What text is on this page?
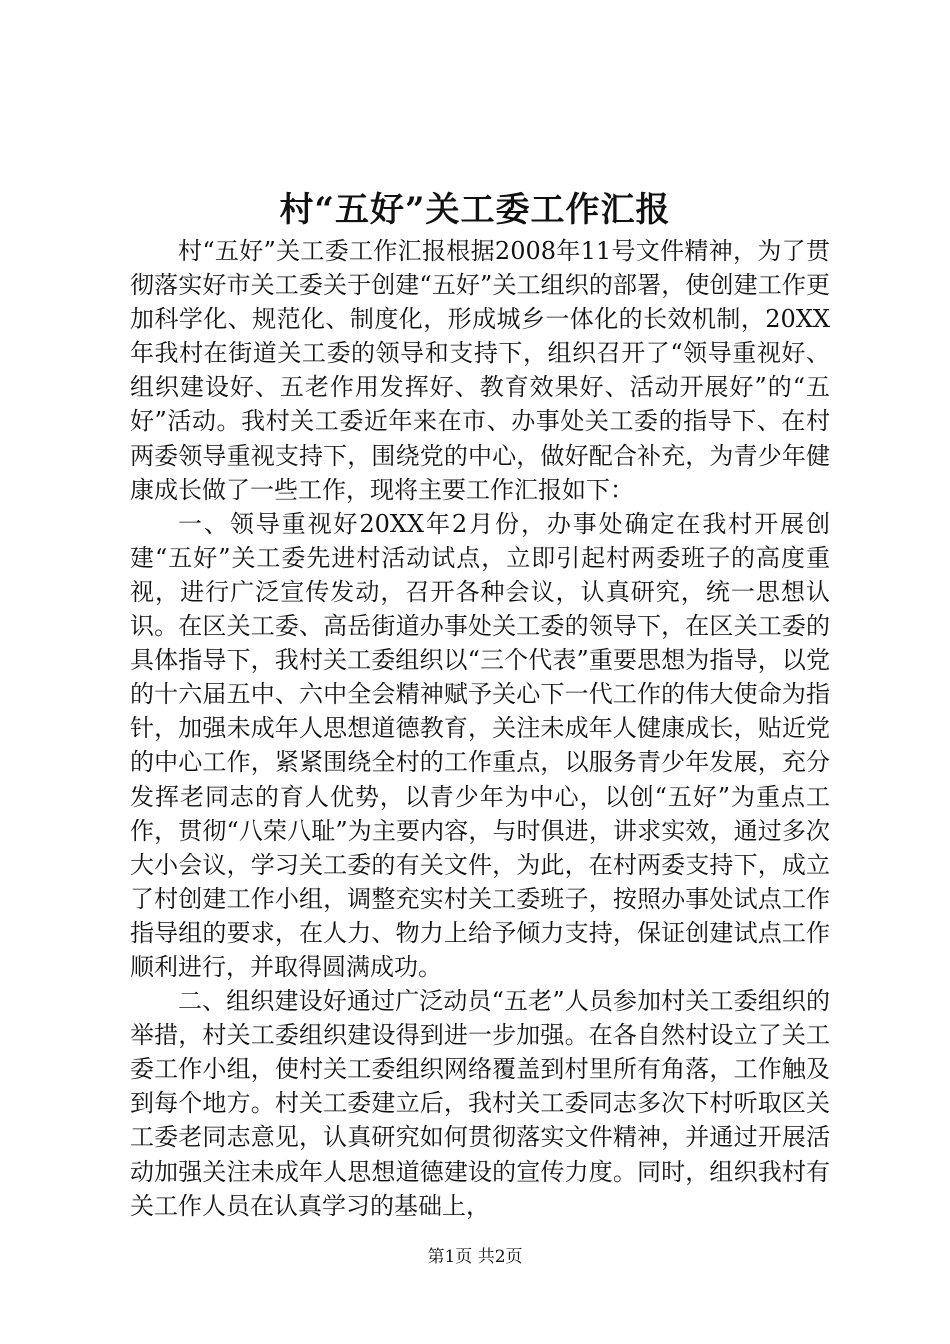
村“五好”关工委工作汇报

村“五好”关工委工作汇报根据2008年11号文件精神，为了贯彻落实好市关工委关于创建“五好”关工组织的部署，使创建工作更加科学化、规范化、制度化，形成城乡一体化的长效机制，20XX年我村在街道关工委的领导和支持下，组织召开了“领导重视好、组织建设好、五老作用发挥好、教育效果好、活动开展好”的“五好”活动。我村关工委近年来在市、办事处关工委的指导下、在村两委领导重视支持下，围绕党的中心，做好配合补充，为青少年健康成长做了一些工作，现将主要工作汇报如下：

一、领导重视好20XX年2月份，办事处确定在我村开展创建“五好”关工委先进村活动试点，立即引起村两委班子的高度重视，进行广泛宣传发动，召开各种会议，认真研究，统一思想认识。在区关工委、高岳街道办事处关工委的领导下，在区关工委的具体指导下，我村关工委组织以“三个代表”重要思想为指导，以党的十六届五中、六中全会精神赋予关心下一代工作的伟大使命为指针，加强未成年人思想道德教育，关注未成年人健康成长，贴近党的中心工作，紧紧围绕全村的工作重点，以服务青少年发展，充分发挥老同志的育人优势，以青少年为中心，以创“五好”为重点工作，贯彻“八荣八耻”为主要内容，与时俱进，讲求实效，通过多次大小会议，学习关工委的有关文件，为此，在村两委支持下，成立了村创建工作小组，调整充实村关工委班子，按照办事处试点工作指导组的要求，在人力、物力上给予倾力支持，保证创建试点工作顺利进行，并取得圆满成功。

二、组织建设好通过广泛动员“五老”人员参加村关工委组织的举措，村关工委组织建设得到进一步加强。在各自然村设立了关工委工作小组，使村关工委组织网络覆盖到村里所有角落，工作触及到每个地方。村关工委建立后，我村关工委同志多次下村听取区关工委老同志意见，认真研究如何贯彻落实文件精神，并通过开展活动加强关注未成年人思想道德建设的宣传力度。同时，组织我村有关工作人员在认真学习的基础上，

第1页 共2页
